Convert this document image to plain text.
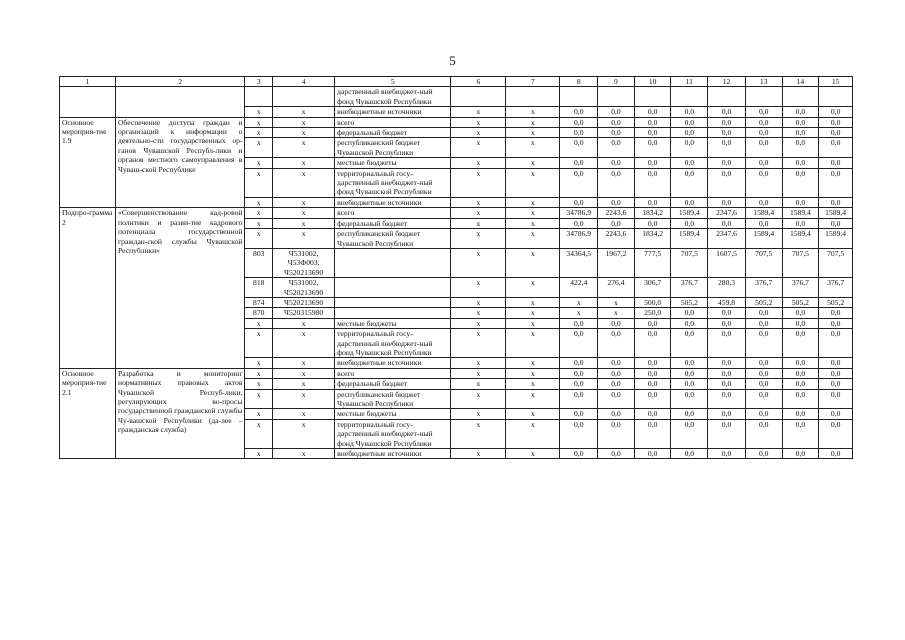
5
1	2	3	4	5	6	7	8	9	10	11	12	13	14	15
				дарственный внебюджет-ный фонд Чувашской Республики										
		x	x	внебюджетные источники	x	x	0,0	0,0	0,0	0,0	0,0	0,0	0,0	0,0
Основное мероприя-тие 1.9	Обеспечение доступа граждан и организаций к информации о деятельно-сти государственных ор-ганов Чувашской Республ-лики и органов местного самоуправления в Чуваш-ской Республике	x	x	всего	x	x	0,0	0,0	0,0	0,0	0,0	0,0	0,0	0,0
		x	x	федеральный бюджет	x	x	0,0	0,0	0,0	0,0	0,0	0,0	0,0	0,0
		x	x	республиканский бюджет Чувашской Республики	x	x	0,0	0,0	0,0	0,0	0,0	0,0	0,0	0,0
		x	x	местные бюджеты	x	x	0,0	0,0	0,0	0,0	0,0	0,0	0,0	0,0
		x	x	территориальный госу-дарственный внебюджет-ный фонд Чувашской Республики	x	x	0,0	0,0	0,0	0,0	0,0	0,0	0,0	0,0
		x	x	внебюджетные источники	x	x	0,0	0,0	0,0	0,0	0,0	0,0	0,0	0,0
Подпро-грамма 2	«Совершенствование кад-ровой политики и разви-тие кадрового потенциала государственной граждан-ской службы Чувашской Республики»	x	x	всего	x	x	34786,9	2243,6	1834,2	1589,4	2347,6	1589,4	1589,4	1589,4
		x	x	федеральный бюджет	x	x	0,0	0,0	0,0	0,0	0,0	0,0	0,0	0,0
		x	x	республиканский бюджет Чувашской Республики	x	x	34786,9	2243,6	1834,2	1589,4	2347,6	1589,4	1589,4	1589,4
		803	Ч531002, Ч53Ф003, Ч520213690		x	x	34364,5	1967,2	777,5	707,5	1607,5	707,5	707,5	707,5
		818	Ч531002, Ч520213690		x	x	422,4	276,4	306,7	376,7	280,3	376,7	376,7	376,7
		874	Ч520213690		x	x	x	x	500,0	505,2	459,8	505,2	505,2	505,2
		870	Ч520315980		x	x	x	x	250,0	0,0	0,0	0,0	0,0	0,0
		x	x	местные бюджеты	x	x	0,0	0,0	0,0	0,0	0,0	0,0	0,0	0,0
		x	x	территориальный госу-дарственный внебюджет-ный фонд Чувашской Республики	x	x	0,0	0,0	0,0	0,0	0,0	0,0	0,0	0,0
		x	x	внебюджетные источники	x	x	0,0	0,0	0,0	0,0	0,0	0,0	0,0	0,0
Основное мероприя-тие 2.1	Разработка и мониторинг нормативных правовых актов Чувашской Респуб-лики, регулирующих во-просы государственной гражданской службы Чу-вашской Республики (да-лее – гражданская служба)	x	x	всего	x	x	0,0	0,0	0,0	0,0	0,0	0,0	0,0	0,0
		x	x	федеральный бюджет	x	x	0,0	0,0	0,0	0,0	0,0	0,0	0,0	0,0
		x	x	республиканский бюджет Чувашской Республики	x	x	0,0	0,0	0,0	0,0	0,0	0,0	0,0	0,0
		x	x	местные бюджеты	x	x	0,0	0,0	0,0	0,0	0,0	0,0	0,0	0,0
		x	x	территориальный госу-дарственный внебюджет-ный фонд Чувашской Республики	x	x	0,0	0,0	0,0	0,0	0,0	0,0	0,0	0,0
		x	x	внебюджетные источники	x	x	0,0	0,0	0,0	0,0	0,0	0,0	0,0	0,0
